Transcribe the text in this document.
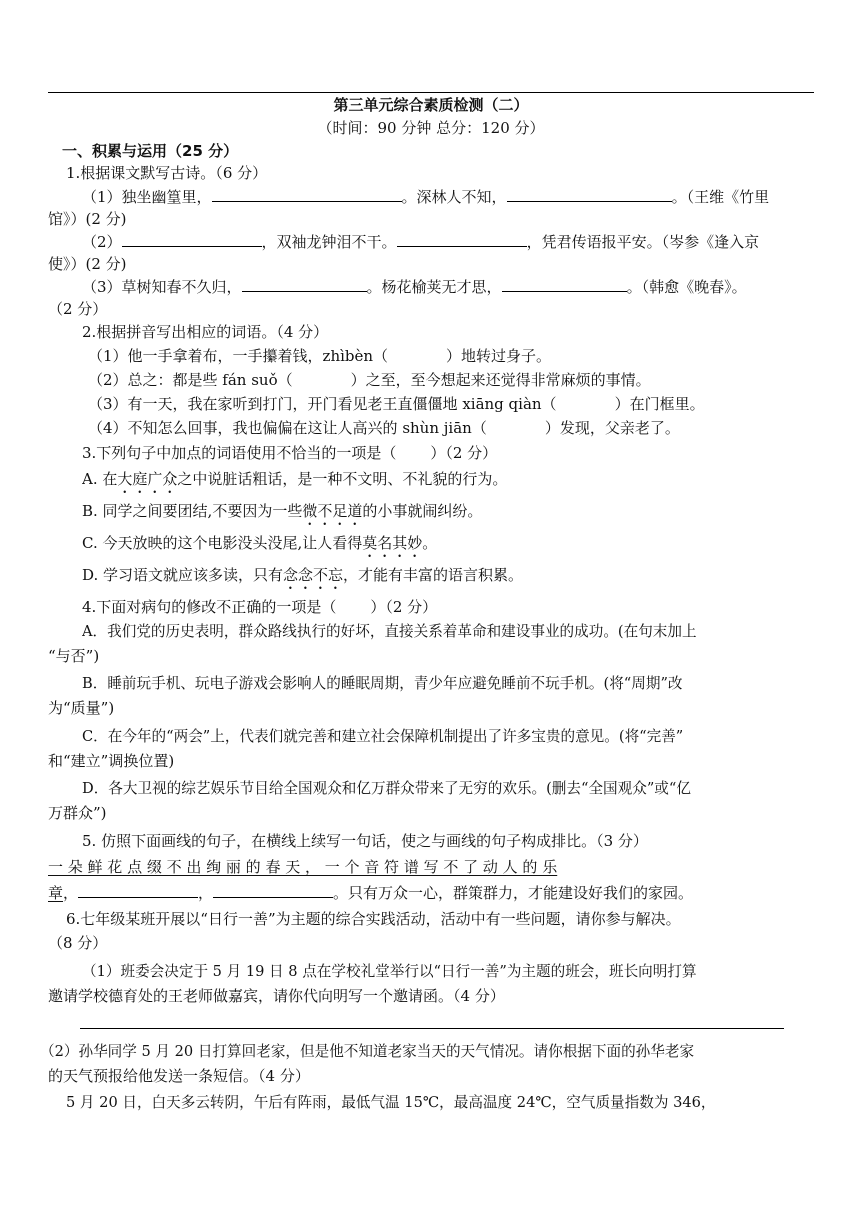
第三单元综合素质检测（二）
（时间：90 分钟 总分：120 分）
一、积累与运用（25 分）
1.根据课文默写古诗。（6 分）
（1）独坐幽篁里，	。深林人不知，	。（王维《竹里
馆》）(2 分)
（2）	，双袖龙钟泪不干。	，凭君传语报平安。（岑参《逢入京
使》）(2 分)
（3）草树知春不久归，	。杨花榆荚无才思，	。（韩愈《晚春》。
（2 分）
2.根据拼音写出相应的词语。（4 分）
（1）他一手拿着布，一手攥着钱，zhìbèn（	）地转过身子。
（2）总之：都是些 fán suǒ（	）之至，至今想起来还觉得非常麻烦的事情。
（3）有一天，我在家听到打门，开门看见老王直僵僵地 xiāng qiàn（	）在门框里。
（4）不知怎么回事，我也偏偏在这让人高兴的 shùn jiān（	）发现，父亲老了。
3.下列句子中加点的词语使用不恰当的一项是（ ）（2 分）
A. 在大庭广众之中说脏话粗话，是一种不文明、不礼貌的行为。
B. 同学之间要团结,不要因为一些微不足道的小事就闹纠纷。
C. 今天放映的这个电影没头没尾,让人看得莫名其妙。
D. 学习语文就应该多读，只有念念不忘，才能有丰富的语言积累。
4.下面对病句的修改不正确的一项是（ ）（2 分）
A．我们党的历史表明，群众路线执行的好坏，直接关系着革命和建设事业的成功。(在句末加上
“与否”)
B．睡前玩手机、玩电子游戏会影响人的睡眠周期，青少年应避免睡前不玩手机。(将“周期”改
为“质量”)
C．在今年的“两会”上，代表们就完善和建立社会保障机制提出了许多宝贵的意见。(将“完善”
和“建立”调换位置)
D．各大卫视的综艺娱乐节目给全国观众和亿万群众带来了无穷的欢乐。(删去“全国观众”或“亿
万群众”)
5. 仿照下面画线的句子，在横线上续写一句话，使之与画线的句子构成排比。（3 分）
一 朵 鲜 花 点 缀 不 出 绚 丽 的 春 天 ， 一 个 音 符 谱 写 不 了 动 人 的 乐
章，	，	。只有万众一心，群策群力，才能建设好我们的家园。
6.七年级某班开展以“日行一善”为主题的综合实践活动，活动中有一些问题，请你参与解决。
（8 分）
（1）班委会决定于 5 月 19 日 8 点在学校礼堂举行以“日行一善”为主题的班会，班长向明打算
邀请学校德育处的王老师做嘉宾，请你代向明写一个邀请函。（4 分）
（2）孙华同学 5 月 20 日打算回老家，但是他不知道老家当天的天气情况。请你根据下面的孙华老家
的天气预报给他发送一条短信。（4 分）
5 月 20 日，白天多云转阴，午后有阵雨，最低气温 15℃，最高温度 24℃，空气质量指数为 346，
